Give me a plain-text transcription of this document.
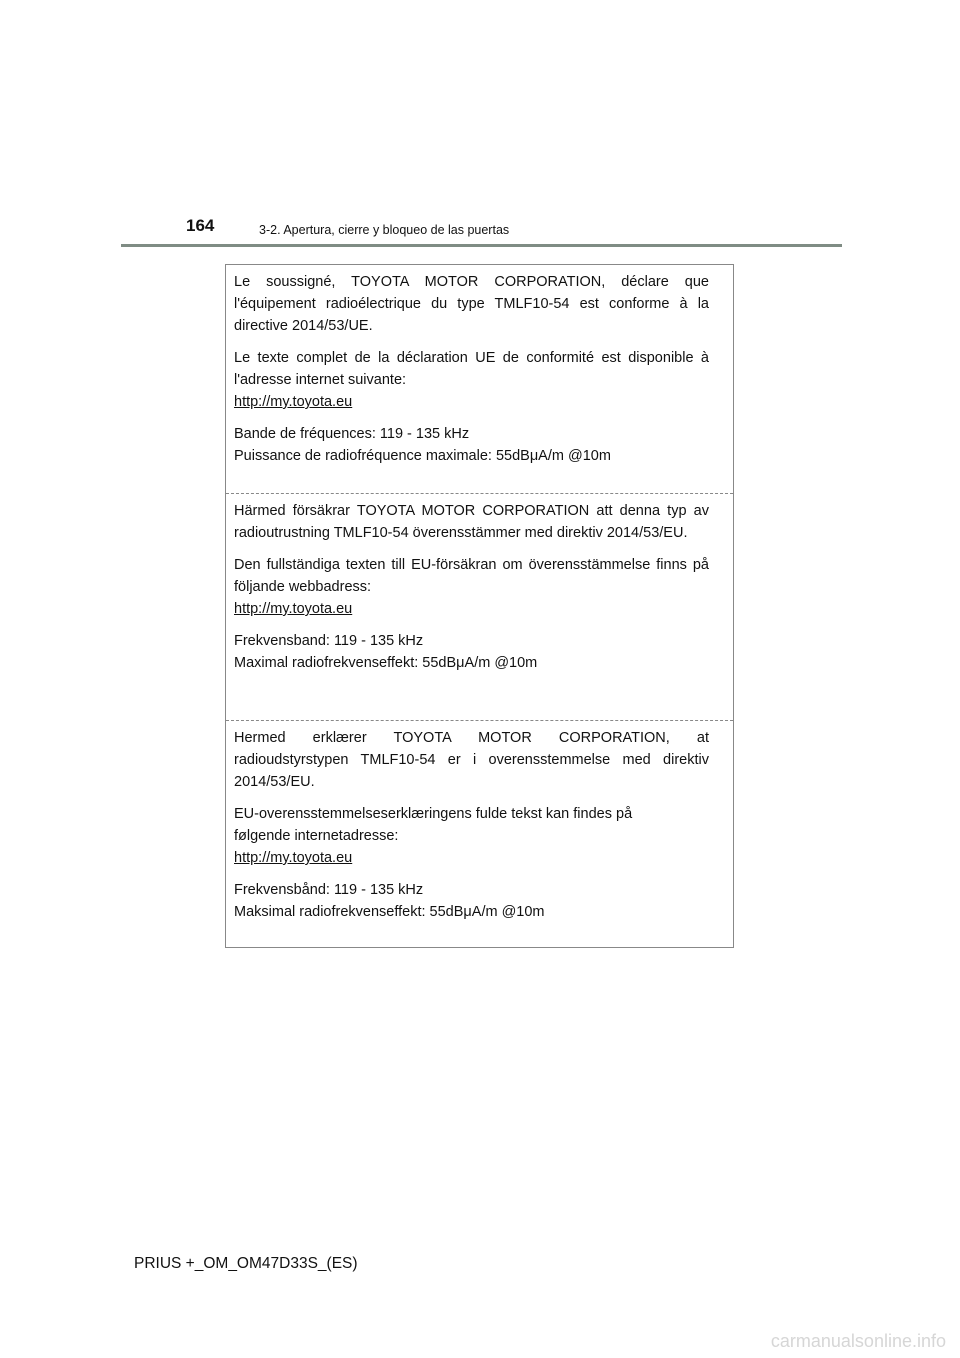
164	3-2. Apertura, cierre y bloqueo de las puertas

Le soussigné, TOYOTA MOTOR CORPORATION, déclare que l'équipement radioélectrique du type TMLF10-54 est conforme à la directive 2014/53/UE.

Le texte complet de la déclaration UE de conformité est disponible à l'adresse internet suivante:

http://my.toyota.eu
Bande de fréquences: 119 - 135 kHz
Puissance de radiofréquence maximale: 55dBμA/m @10m

Härmed försäkrar TOYOTA MOTOR CORPORATION att denna typ av radioutrustning TMLF10-54 överensstämmer med direktiv 2014/53/EU.

Den fullständiga texten till EU-försäkran om överensstämmelse finns på följande webbadress:

http://my.toyota.eu
Frekvensband: 119 - 135 kHz
Maximal radiofrekvenseffekt: 55dBμA/m @10m

Hermed erklærer TOYOTA MOTOR CORPORATION, at radioudstyrstypen TMLF10-54 er i overensstemmelse med direktiv 2014/53/EU.

EU-overensstemmelseserklæringens fulde tekst kan findes på
følgende internetadresse:
http://my.toyota.eu
Frekvensbånd: 119 - 135 kHz
Maksimal radiofrekvenseffekt: 55dBμA/m @10m
PRIUS +_OM_OM47D33S_(ES)
carmanualsonline.info
